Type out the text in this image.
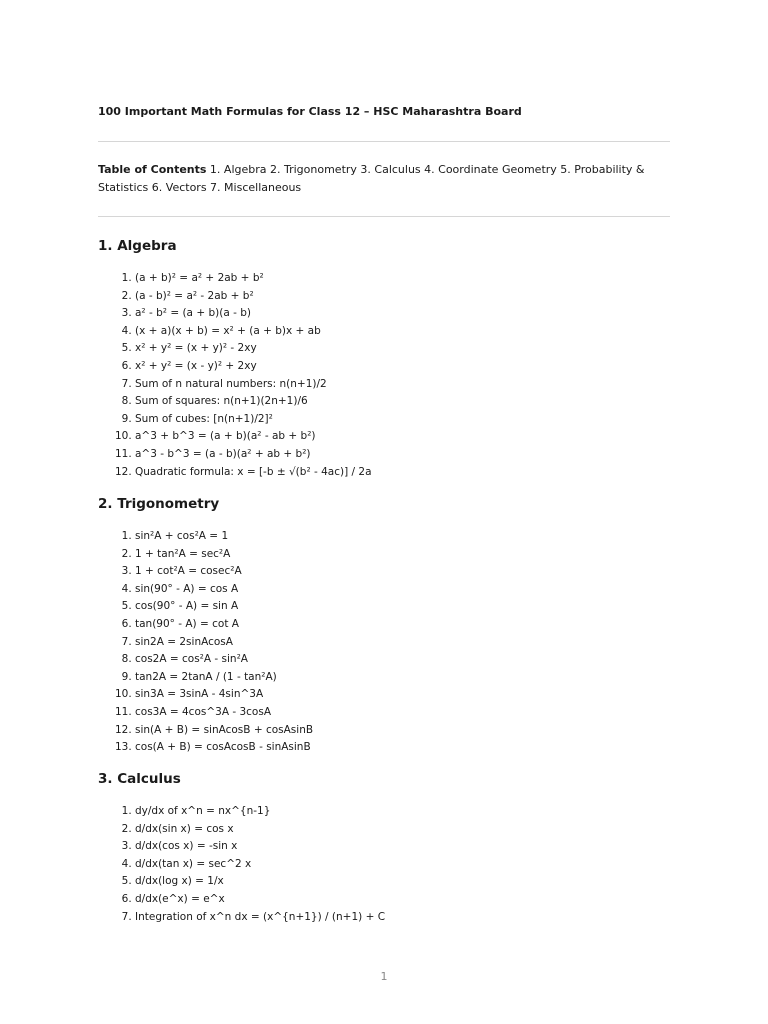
100 Important Math Formulas for Class 12 – HSC Maharashtra Board
Table of Contents 1. Algebra 2. Trigonometry 3. Calculus 4. Coordinate Geometry 5. Probability & Statistics 6. Vectors 7. Miscellaneous
1. Algebra
1. (a + b)² = a² + 2ab + b²
2. (a - b)² = a² - 2ab + b²
3. a² - b² = (a + b)(a - b)
4. (x + a)(x + b) = x² + (a + b)x + ab
5. x² + y² = (x + y)² - 2xy
6. x² + y² = (x - y)² + 2xy
7. Sum of n natural numbers: n(n+1)/2
8. Sum of squares: n(n+1)(2n+1)/6
9. Sum of cubes: [n(n+1)/2]²
10. a^3 + b^3 = (a + b)(a² - ab + b²)
11. a^3 - b^3 = (a - b)(a² + ab + b²)
12. Quadratic formula: x = [-b ± √(b² - 4ac)] / 2a
2. Trigonometry
1. sin²A + cos²A = 1
2. 1 + tan²A = sec²A
3. 1 + cot²A = cosec²A
4. sin(90° - A) = cos A
5. cos(90° - A) = sin A
6. tan(90° - A) = cot A
7. sin2A = 2sinAcosA
8. cos2A = cos²A - sin²A
9. tan2A = 2tanA / (1 - tan²A)
10. sin3A = 3sinA - 4sin^3A
11. cos3A = 4cos^3A - 3cosA
12. sin(A + B) = sinAcosB + cosAsinB
13. cos(A + B) = cosAcosB - sinAsinB
3. Calculus
1. dy/dx of x^n = nx^{n-1}
2. d/dx(sin x) = cos x
3. d/dx(cos x) = -sin x
4. d/dx(tan x) = sec^2 x
5. d/dx(log x) = 1/x
6. d/dx(e^x) = e^x
7. Integration of x^n dx = (x^{n+1}) / (n+1) + C
1
